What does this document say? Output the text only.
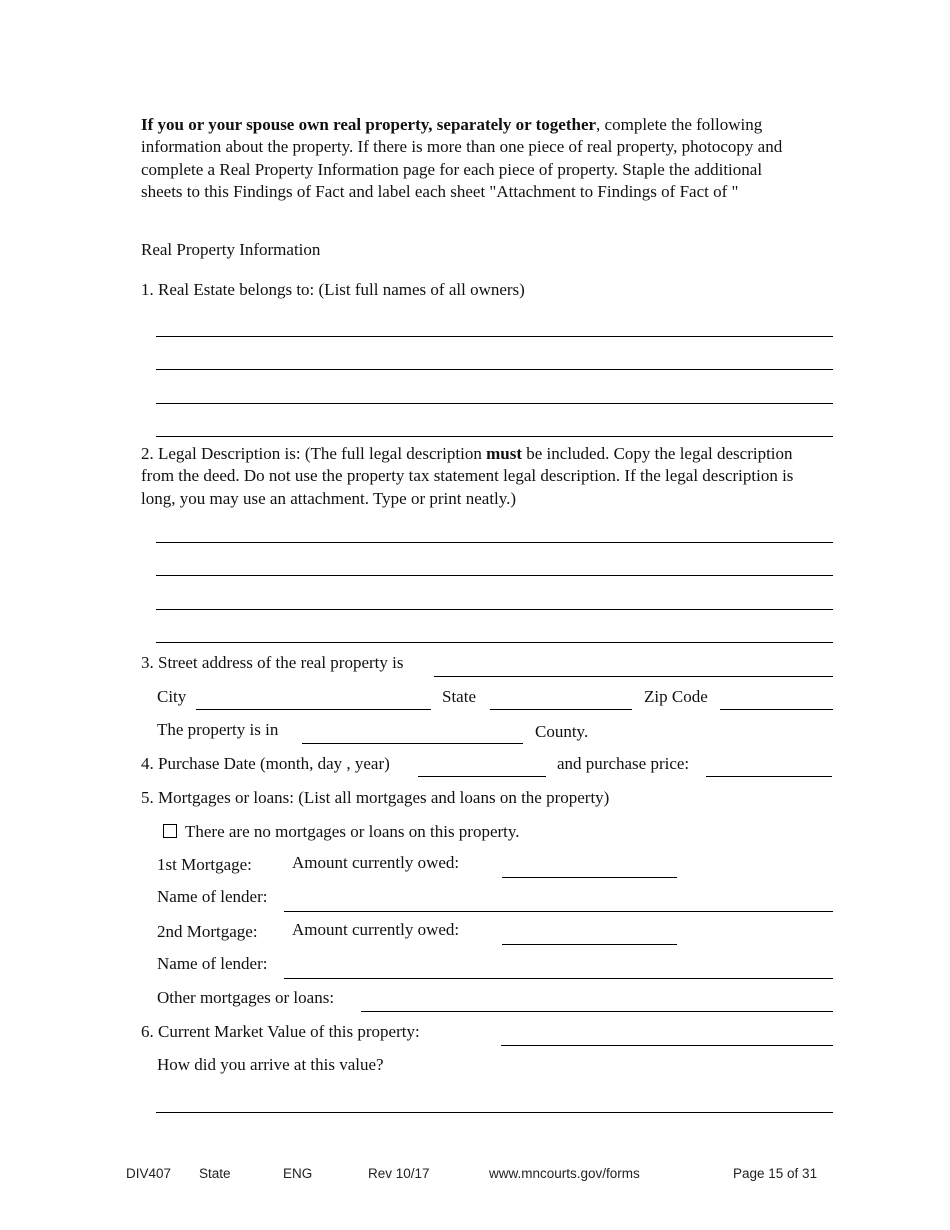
If you or your spouse own real property, separately or together, complete the following
information about the property. If there is more than one piece of real property, photocopy and
complete a Real Property Information page for each piece of property. Staple the additional
sheets to this Findings of Fact and label each sheet "Attachment to Findings of Fact of "
Real Property Information
1. Real Estate belongs to: (List full names of all owners)
2. Legal Description is: (The full legal description must be included. Copy the legal description
from the deed. Do not use the property tax statement legal description. If the legal description is
long, you may use an attachment. Type or print neatly.)
3. Street address of the real property is
City	State	Zip Code
The property is in	County.
4. Purchase Date (month, day , year)	and purchase price:
5. Mortgages or loans: (List all mortgages and loans on the property)
There are no mortgages or loans on this property.
1st Mortgage: Amount currently owed:
Name of lender:
2nd Mortgage: Amount currently owed:
Name of lender:
Other mortgages or loans:
6. Current Market Value of this property:
How did you arrive at this value?
DIV407 State	ENG	Rev 10/17	www.mncourts.gov/forms	Page 15 of 31
